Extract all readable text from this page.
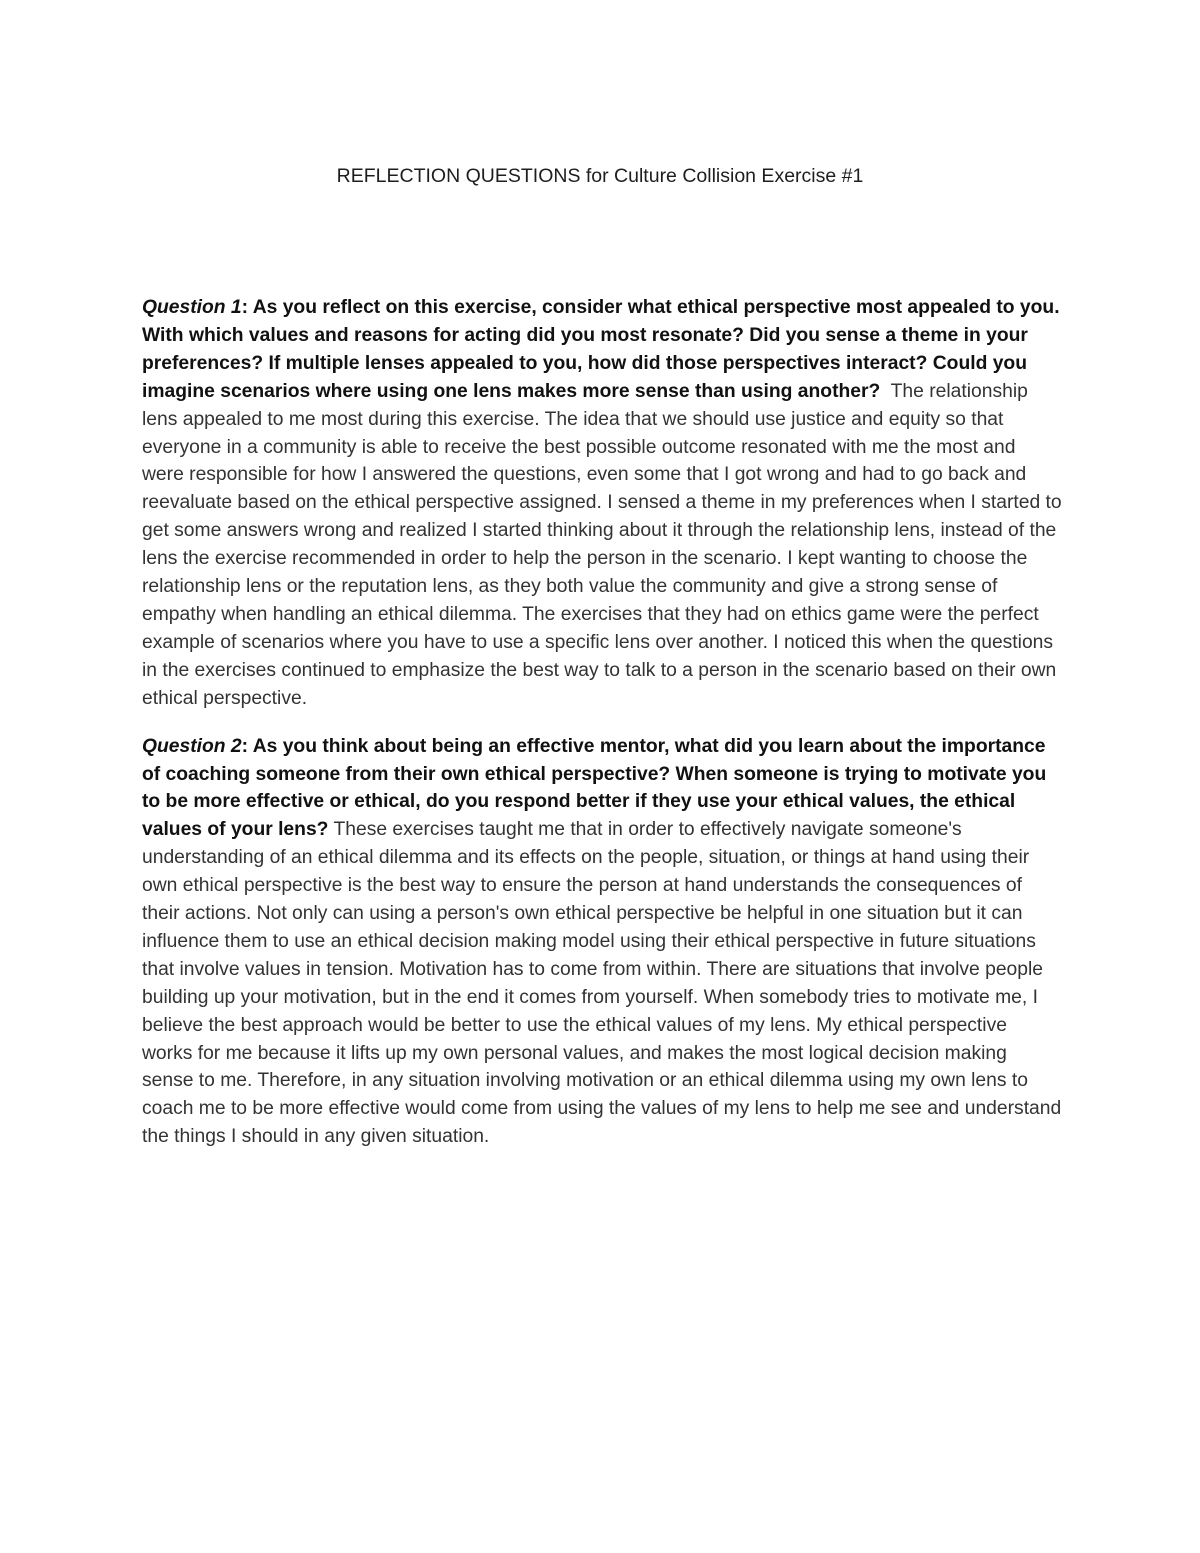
REFLECTION QUESTIONS for Culture Collision Exercise #1

Question 1: As you reflect on this exercise, consider what ethical perspective most appealed to you. With which values and reasons for acting did you most resonate? Did you sense a theme in your preferences? If multiple lenses appealed to you, how did those perspectives interact? Could you imagine scenarios where using one lens makes more sense than using another? The relationship lens appealed to me most during this exercise. The idea that we should use justice and equity so that everyone in a community is able to receive the best possible outcome resonated with me the most and were responsible for how I answered the questions, even some that I got wrong and had to go back and reevaluate based on the ethical perspective assigned. I sensed a theme in my preferences when I started to get some answers wrong and realized I started thinking about it through the relationship lens, instead of the lens the exercise recommended in order to help the person in the scenario. I kept wanting to choose the relationship lens or the reputation lens, as they both value the community and give a strong sense of empathy when handling an ethical dilemma. The exercises that they had on ethics game were the perfect example of scenarios where you have to use a specific lens over another. I noticed this when the questions in the exercises continued to emphasize the best way to talk to a person in the scenario based on their own ethical perspective.

Question 2: As you think about being an effective mentor, what did you learn about the importance of coaching someone from their own ethical perspective? When someone is trying to motivate you to be more effective or ethical, do you respond better if they use your ethical values, the ethical values of your lens? These exercises taught me that in order to effectively navigate someone's understanding of an ethical dilemma and its effects on the people, situation, or things at hand using their own ethical perspective is the best way to ensure the person at hand understands the consequences of their actions. Not only can using a person's own ethical perspective be helpful in one situation but it can influence them to use an ethical decision making model using their ethical perspective in future situations that involve values in tension. Motivation has to come from within. There are situations that involve people building up your motivation, but in the end it comes from yourself. When somebody tries to motivate me, I believe the best approach would be better to use the ethical values of my lens. My ethical perspective works for me because it lifts up my own personal values, and makes the most logical decision making sense to me. Therefore, in any situation involving motivation or an ethical dilemma using my own lens to coach me to be more effective would come from using the values of my lens to help me see and understand the things I should in any given situation.
